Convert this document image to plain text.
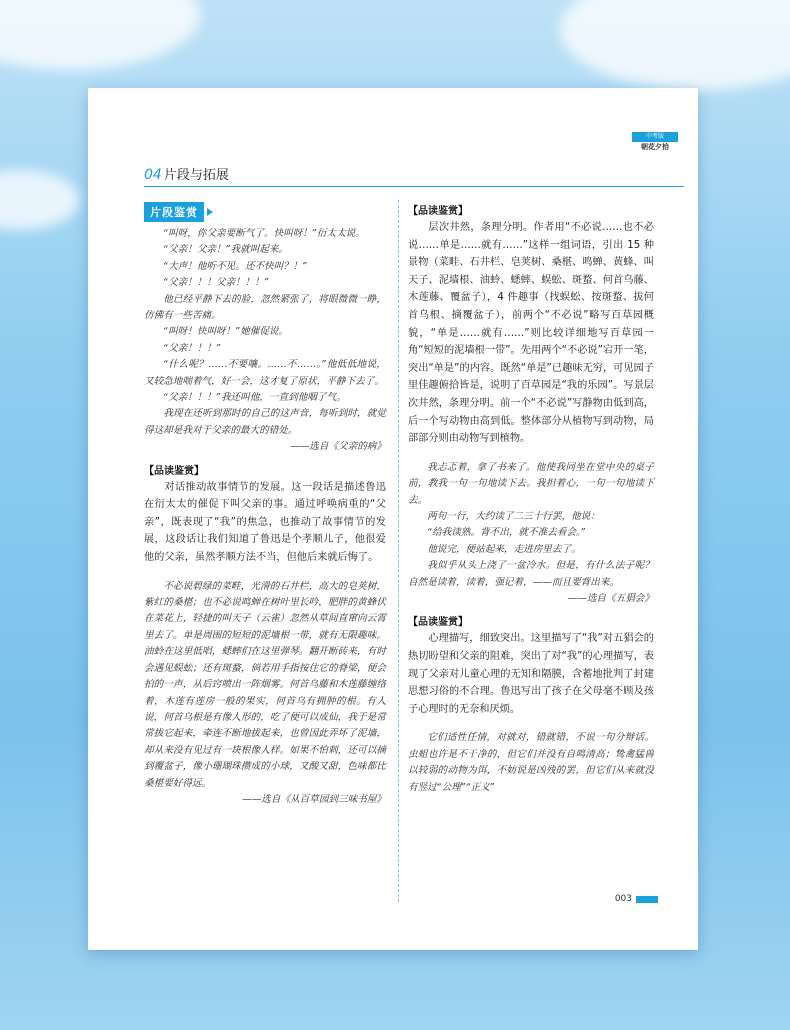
中考版
朝花夕拾
04 片段与拓展
片段鉴赏

“叫呀，你父亲要断气了。快叫呀！”衍太太说。

“父亲！父亲！”我就叫起来。

“大声！他听不见。还不快叫？！”

“父亲！！！父亲！！！”

他已经平静下去的脸，忽然紧张了，将眼微微一睁，仿佛有一些苦痛。

“叫呀！快叫呀！”她催促说。

“父亲！！！”

“什么呢？……不要嚷。……不……。”他低低地说，又较急地喘着气，好一会，这才复了原状，平静下去了。

“父亲！！！”我还叫他，一直到他咽了气。

我现在还听到那时的自己的这声音，每听到时，就觉得这却是我对于父亲的最大的错处。

——选自《父亲的病》

【品读鉴赏】

对话推动故事情节的发展。这一段话是描述鲁迅在衍太太的催促下叫父亲的事。通过呼唤病重的“父亲”，既表现了“我”的焦急，也推动了故事情节的发展，这段话让我们知道了鲁迅是个孝顺儿子，他很爱他的父亲，虽然孝顺方法不当，但他后来就后悔了。

不必说碧绿的菜畦，光滑的石井栏，高大的皂荚树，紫红的桑椹；也不必说鸣蝉在树叶里长吟，肥胖的黄蜂伏在菜花上，轻捷的叫天子（云雀）忽然从草间直窜向云霄里去了。单是周围的短短的泥墙根一带，就有无限趣味。油蛉在这里低唱，蟋蟀们在这里弹琴。翻开断砖来，有时会遇见蜈蚣；还有斑蝥，倘若用手指按住它的脊梁，便会拍的一声，从后窍喷出一阵烟雾。何首乌藤和木莲藤缠络着，木莲有莲房一般的果实，何首乌有拥肿的根。有人说，何首乌根是有像人形的，吃了便可以成仙，我于是常常拔它起来，牵连不断地拔起来，也曾因此弄坏了泥墙，却从来没有见过有一块根像人样。如果不怕刺，还可以摘到覆盆子，像小珊瑚珠攒成的小球，又酸又甜，色味都比桑椹要好得远。

——选自《从百草园到三味书屋》

【品读鉴赏】

层次井然，条理分明。作者用“不必说……也不必说……单是……就有……”这样一组词语，引出 15 种景物（菜畦、石井栏、皂荚树、桑椹、鸣蝉、黄蜂、叫天子、泥墙根、油蛉、蟋蟀、蜈蚣、斑蝥、何首乌藤、木莲藤、覆盆子），4 件趣事（找蜈蚣、按斑蝥、拔何首乌根、摘覆盆子），前两个“不必说”略写百草园概貌，“单是……就有……”则比较详细地写百草园一角“短短的泥墙根一带”。先用两个“不必说”宕开一笔，突出“单是”的内容。既然“单是”已趣味无穷，可见园子里佳趣俯拾皆是，说明了百草园是“我的乐园”。写景层次井然，条理分明。前一个“不必说”写静物由低到高，后一个写动物由高到低。整体部分从植物写到动物，局部部分则由动物写到植物。

我忐忑着，拿了书来了。他使我同坐在堂中央的桌子前，教我一句一句地读下去。我担着心，一句一句地读下去。

两句一行，大约读了二三十行罢，他说：

“给我读熟。背不出，就不准去看会。”

他说完，便站起来，走进房里去了。

我似乎从头上浇了一盆冷水。但是，有什么法子呢？自然是读着，读着，强记着，——而且要背出来。

——选自《五猖会》

【品读鉴赏】

心理描写，细致突出。这里描写了“我”对五猖会的热切盼望和父亲的阻难，突出了对“我”的心理描写，表现了父亲对儿童心理的无知和隔膜，含蓄地批判了封建思想习俗的不合理。鲁迅写出了孩子在父母毫不顾及孩子心理时的无奈和厌烦。

它们适性任情，对就对，错就错，不说一句分辩话。虫蛆也许是不干净的，但它们并没有自鸣清高；鸷禽猛兽以较弱的动物为饵，不妨说是凶残的罢，但它们从来就没有竖过“公理”“正义”

003
